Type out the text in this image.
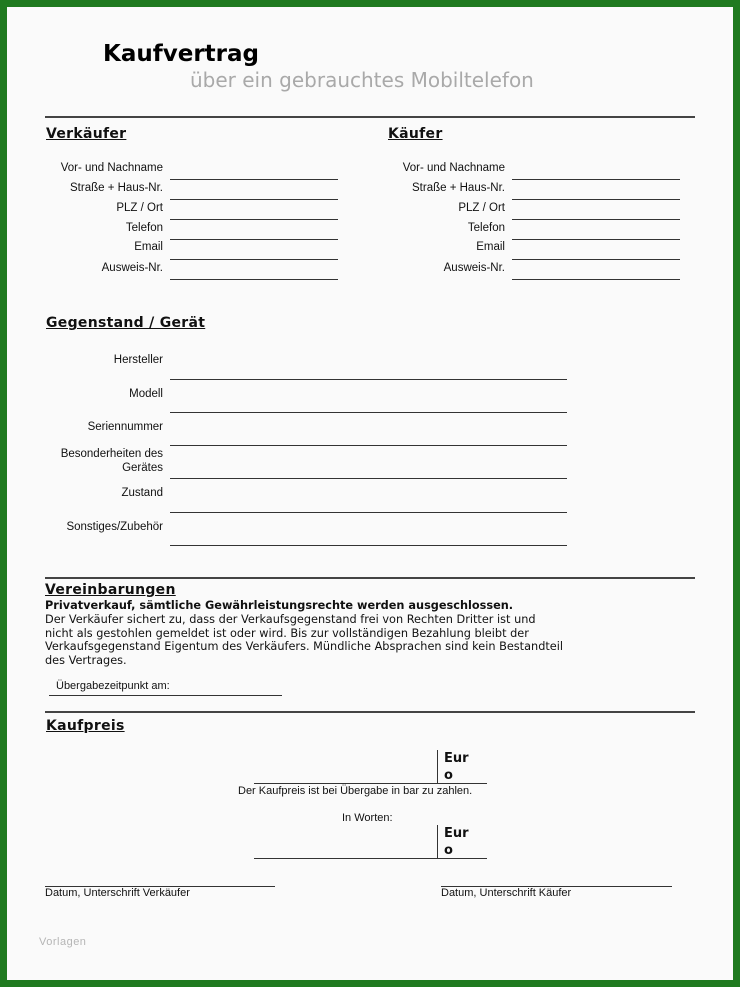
Kaufvertrag
über ein gebrauchtes Mobiltelefon
Verkäufer
Vor- und Nachname
Straße + Haus-Nr.
PLZ / Ort
Telefon
Email
Ausweis-Nr.
Käufer
Vor- und Nachname
Straße + Haus-Nr.
PLZ / Ort
Telefon
Email
Ausweis-Nr.
Gegenstand / Gerät
Hersteller
Modell
Seriennummer
Besonderheiten des
Gerätes
Zustand
Sonstiges/Zubehör
Vereinbarungen
Privatverkauf, sämtliche Gewährleistungsrechte werden ausgeschlossen.
Der Verkäufer sichert zu, dass der Verkaufsgegenstand frei von Rechten Dritter ist und
nicht als gestohlen gemeldet ist oder wird. Bis zur vollständigen Bezahlung bleibt der
Verkaufsgegenstand Eigentum des Verkäufers. Mündliche Absprachen sind kein Bestandteil
des Vertrages.
Übergabezeitpunkt am:
Kaufpreis
Eur
o
Der Kaufpreis ist bei Übergabe in bar zu zahlen.
In Worten:
Eur
o
Datum, Unterschrift Verkäufer	Datum, Unterschrift Käufer
Vorlagen
